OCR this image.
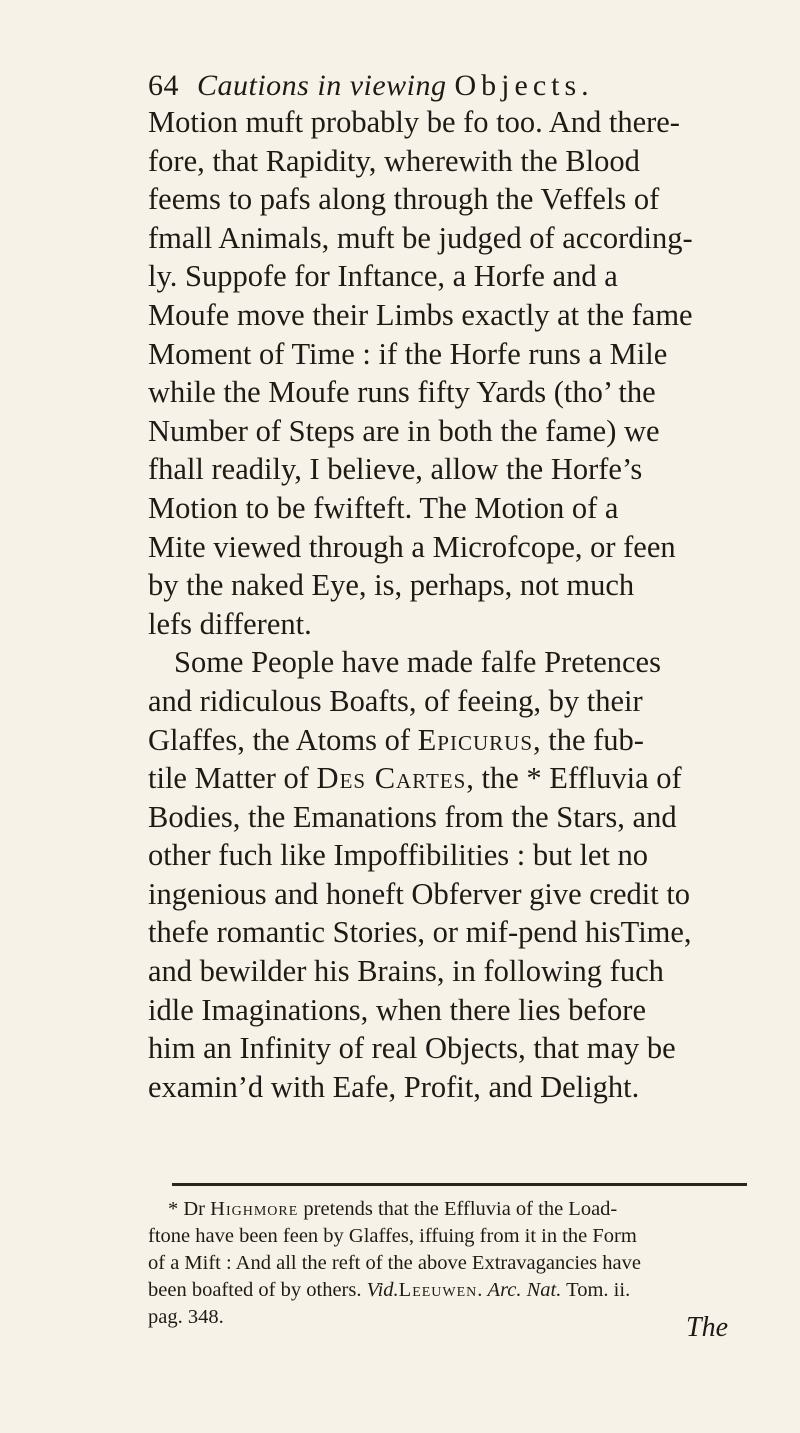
64 Cautions in viewing Objects.
Motion muft probably be fo too. And there-
fore, that Rapidity, wherewith the Blood
feems to pafs along through the Veffels of
fmall Animals, muft be judged of according-
ly. Suppofe for Inftance, a Horfe and a
Moufe move their Limbs exactly at the fame
Moment of Time : if the Horfe runs a Mile
while the Moufe runs fifty Yards (tho’ the
Number of Steps are in both the fame) we
fhall readily, I believe, allow the Horfe’s
Motion to be fwifteft. The Motion of a
Mite viewed through a Microfcope, or feen
by the naked Eye, is, perhaps, not much
lefs different.
Some People have made falfe Pretences
and ridiculous Boafts, of feeing, by their
Glaffes, the Atoms of Epicurus, the fub-
tile Matter of Des Cartes, the * Effluvia of
Bodies, the Emanations from the Stars, and
other fuch like Impoffibilities : but let no
ingenious and honeft Obferver give credit to
thefe romantic Stories, or mif-pend hisTime,
and bewilder his Brains, in following fuch
idle Imaginations, when there lies before
him an Infinity of real Objects, that may be
examin’d with Eafe, Profit, and Delight.
* Dr Highmore pretends that the Effluvia of the Load-
ftone have been feen by Glaffes, iffuing from it in the Form
of a Mift : And all the reft of the above Extravagancies have
been boafted of by others. Vid.Leeuwen. Arc. Nat. Tom. ii.
pag. 348.	The
